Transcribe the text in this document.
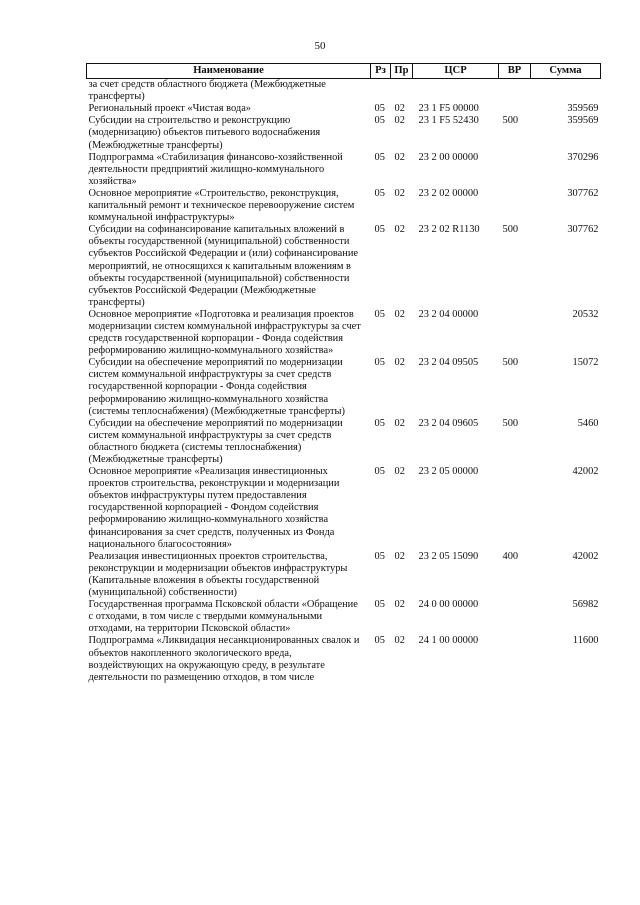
50
Наименование	Рз	Пр	ЦСР	ВР	Сумма
за счет средств областного бюджета (Межбюджетные трансферты)					
Региональный проект «Чистая вода»	05	02	23 1 F5 00000		359569
Субсидии на строительство и реконструкцию (модернизацию) объектов питьевого водоснабжения (Межбюджетные трансферты)	05	02	23 1 F5 52430	500	359569
Подпрограмма «Стабилизация финансово-хозяйственной деятельности предприятий жилищно-коммунального хозяйства»	05	02	23 2 00 00000		370296
Основное мероприятие «Строительство, реконструкция, капитальный ремонт и техническое перевооружение систем коммунальной инфраструктуры»	05	02	23 2 02 00000		307762
Субсидии на софинансирование капитальных вложений в объекты государственной (муниципальной) собственности субъектов Российской Федерации и (или) софинансирование мероприятий, не относящихся к капитальным вложениям в объекты государственной (муниципальной) собственности субъектов Российской Федерации (Межбюджетные трансферты)	05	02	23 2 02 R1130	500	307762
Основное мероприятие «Подготовка и реализация проектов модернизации систем коммунальной инфраструктуры за счет средств государственной корпорации - Фонда содействия реформированию жилищно-коммунального хозяйства»	05	02	23 2 04 00000		20532
Субсидии на обеспечение мероприятий по модернизации систем коммунальной инфраструктуры за счет средств государственной корпорации - Фонда содействия реформированию жилищно-коммунального хозяйства (системы теплоснабжения) (Межбюджетные трансферты)	05	02	23 2 04 09505	500	15072
Субсидии на обеспечение мероприятий по модернизации систем коммунальной инфраструктуры за счет средств областного бюджета (системы теплоснабжения) (Межбюджетные трансферты)	05	02	23 2 04 09605	500	5460
Основное мероприятие «Реализация инвестиционных проектов строительства, реконструкции и модернизации объектов инфраструктуры путем предоставления государственной корпорацией - Фондом содействия реформированию жилищно-коммунального хозяйства финансирования за счет средств, полученных из Фонда национального благосостояния»	05	02	23 2 05 00000		42002
Реализация инвестиционных проектов строительства, реконструкции и модернизации объектов инфраструктуры (Капитальные вложения в объекты государственной (муниципальной) собственности)	05	02	23 2 05 15090	400	42002
Государственная программа Псковской области «Обращение с отходами, в том числе с твердыми коммунальными отходами, на территории Псковской области»	05	02	24 0 00 00000		56982
Подпрограмма «Ликвидация несанкционированных свалок и объектов накопленного экологического вреда, воздействующих на окружающую среду, в результате деятельности по размещению отходов, в том числе	05	02	24 1 00 00000		11600
